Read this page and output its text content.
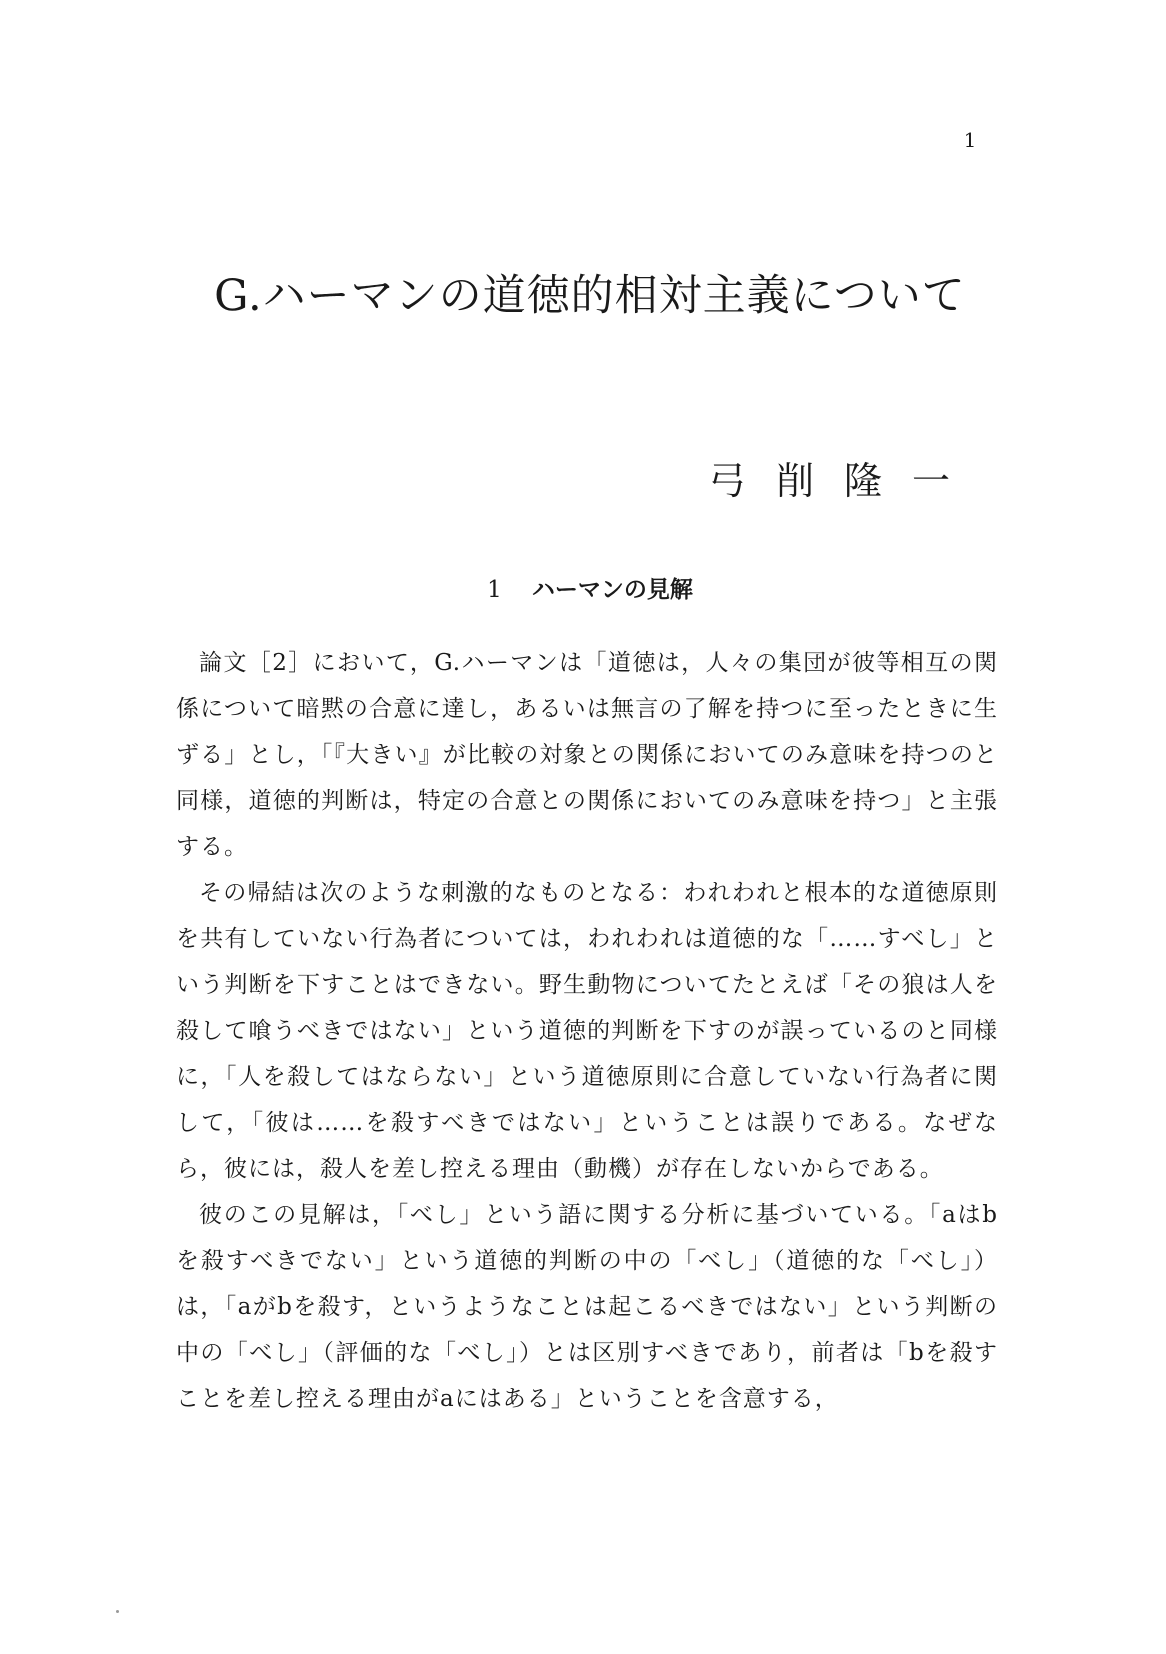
1
G.ハーマンの道徳的相対主義について
弓削隆一
1 ハーマンの見解

論文［2］において，G.ハーマンは「道徳は，人々の集団が彼等相互の関係について暗黙の合意に達し，あるいは無言の了解を持つに至ったときに生ずる」とし，「『大きい』が比較の対象との関係においてのみ意味を持つのと同様，道徳的判断は，特定の合意との関係においてのみ意味を持つ」と主張する。

その帰結は次のような刺激的なものとなる：われわれと根本的な道徳原則を共有していない行為者については，われわれは道徳的な「……すべし」という判断を下すことはできない。野生動物についてたとえば「その狼は人を殺して喰うべきではない」という道徳的判断を下すのが誤っているのと同様に，「人を殺してはならない」という道徳原則に合意していない行為者に関して，「彼は……を殺すべきではない」ということは誤りである。なぜなら，彼には，殺人を差し控える理由（動機）が存在しないからである。

彼のこの見解は，「べし」という語に関する分析に基づいている。「aはbを殺すべきでない」という道徳的判断の中の「べし」（道徳的な「べし」）は，「aがbを殺す，というようなことは起こるべきではない」という判断の中の「べし」（評価的な「べし」）とは区別すべきであり，前者は「bを殺すことを差し控える理由がaにはある」ということを含意する，
